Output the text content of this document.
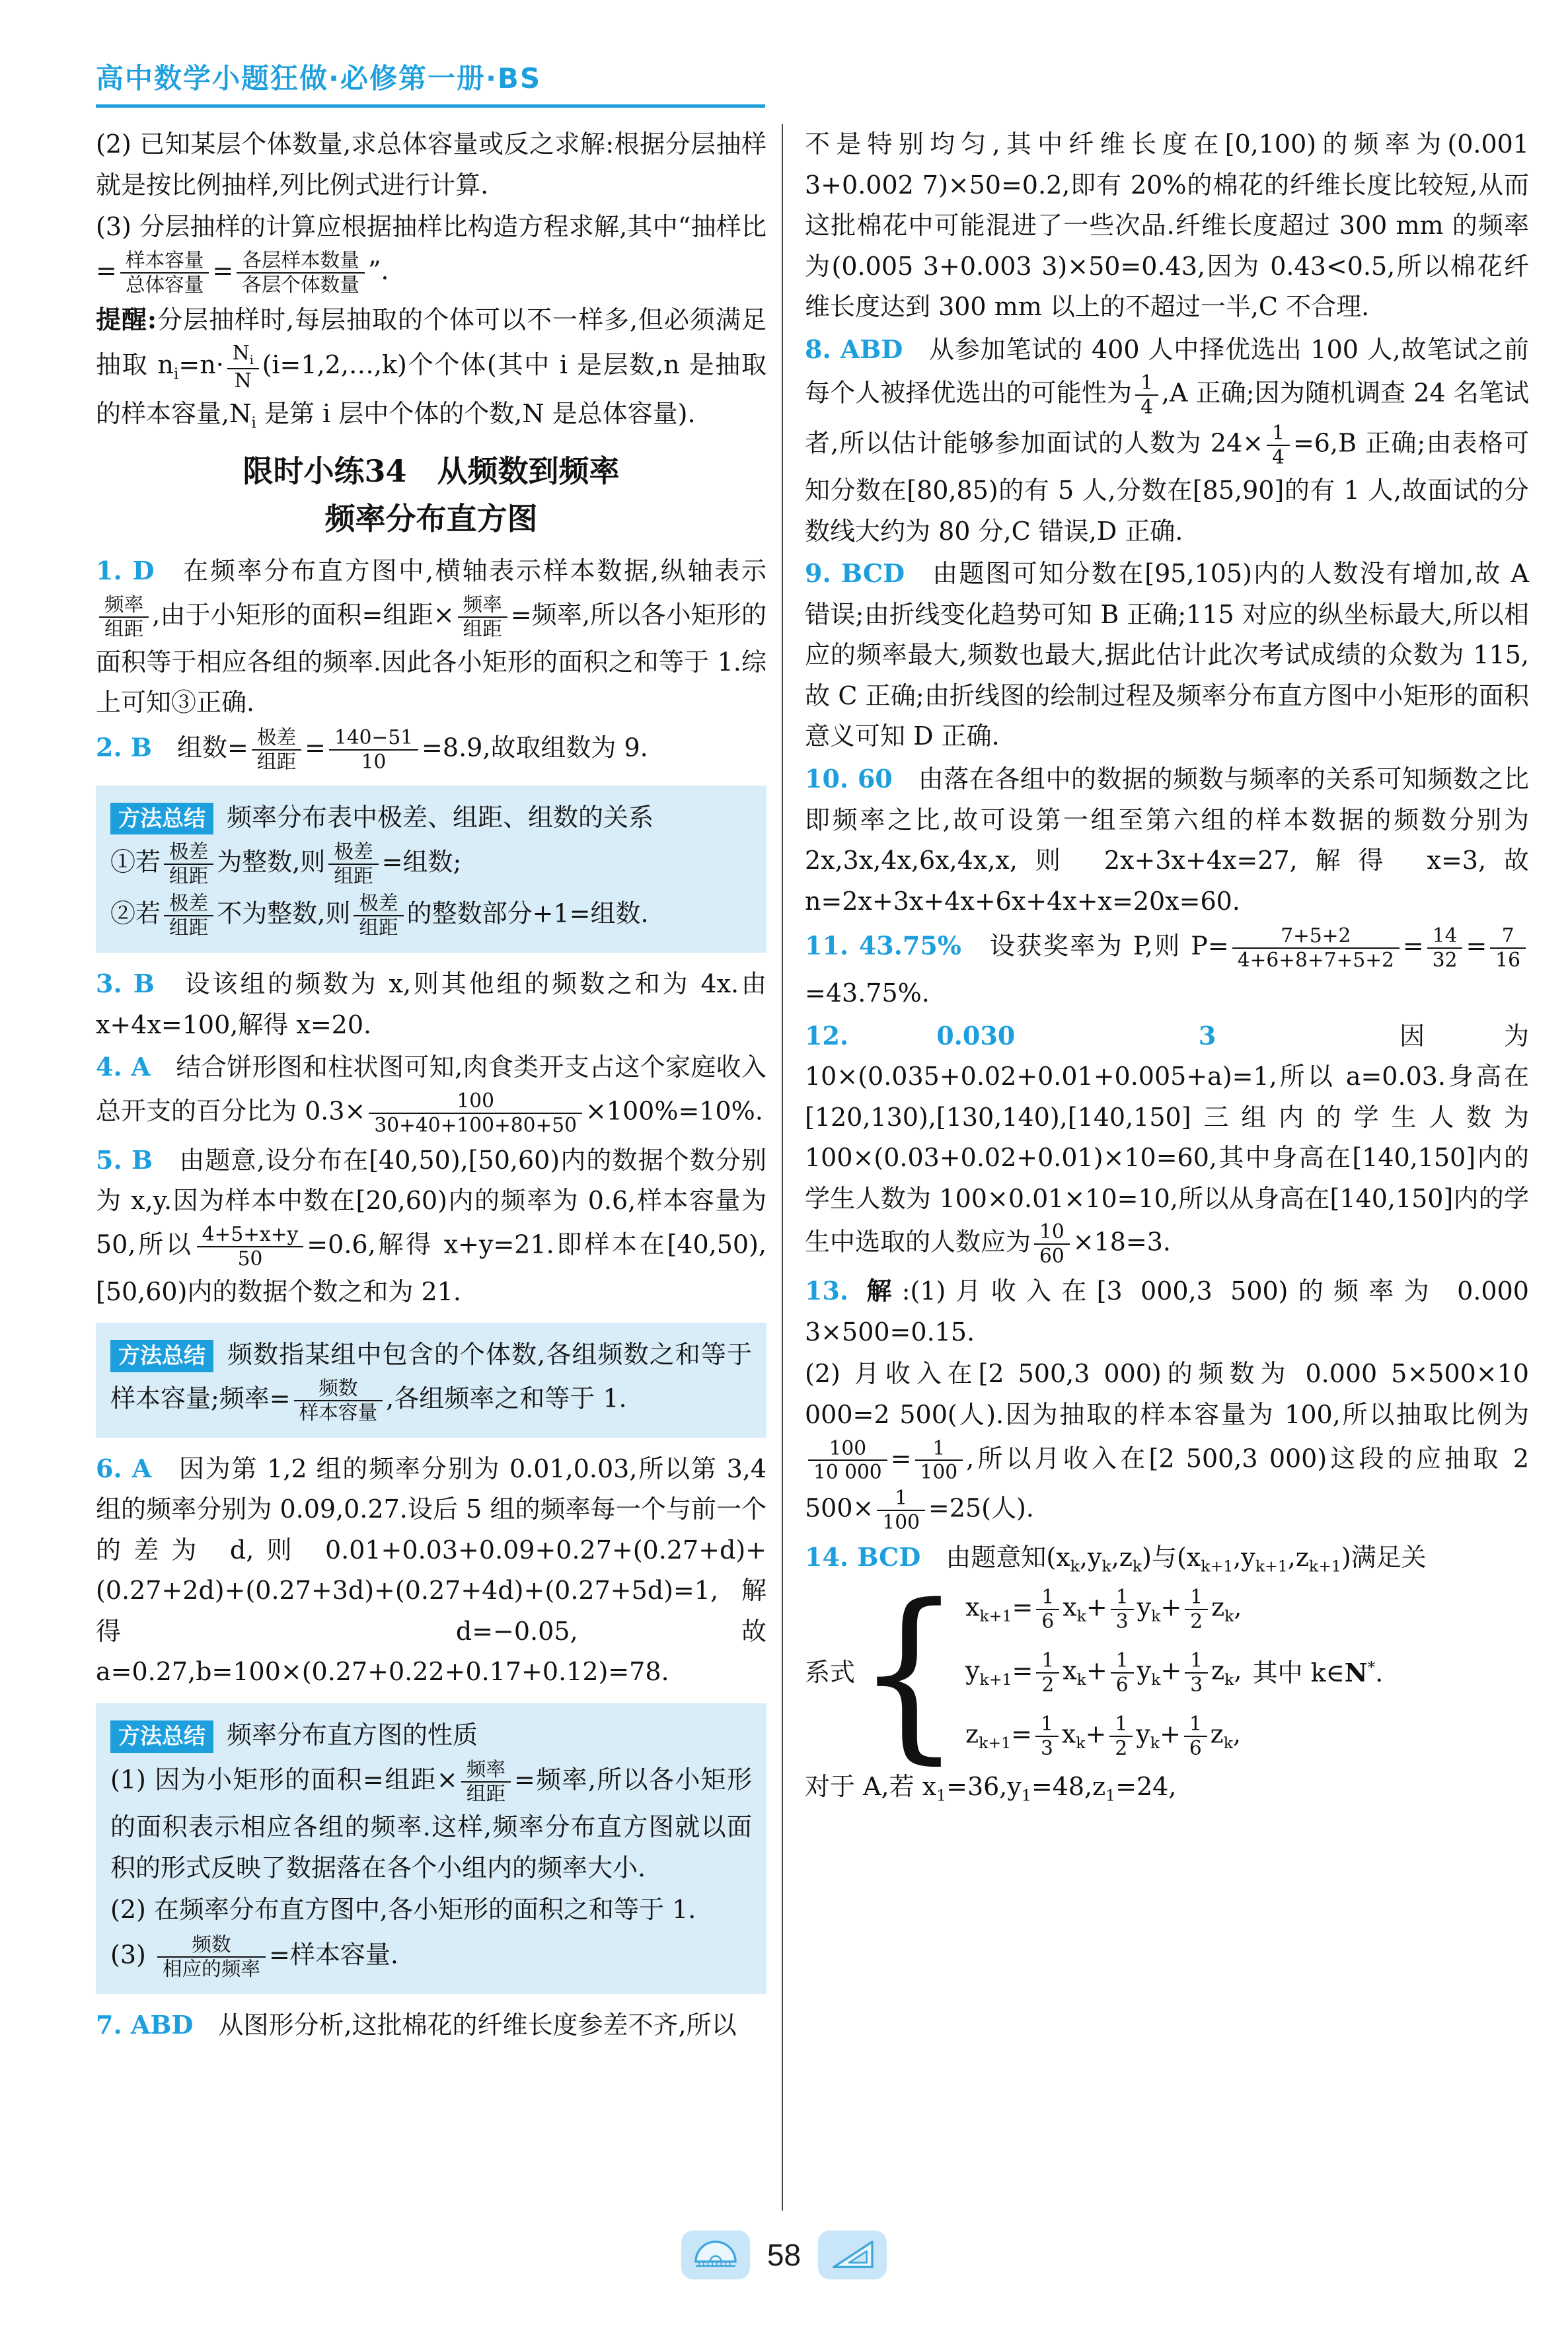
高中数学小题狂做·必修第一册·BS

(2) 已知某层个体数量,求总体容量或反之求解:根据分层抽样就是按比例抽样,列比例式进行计算.

(3) 分层抽样的计算应根据抽样比构造方程求解,其中“抽样比= $\frac{\text{样本容量}}{\text{总体容量}} = \frac{\text{各层样本数量}}{\text{各层个体数量}}$ ”.

提醒:分层抽样时,每层抽取的个体可以不一样多,但必须满足抽取 $n_i=n\cdot \frac{N_i}{N}$ (i=1,2,…,k)个个体(其中 i 是层数,n 是抽取的样本容量$,N_i$ 是第 i 层中个体的个数,N 是总体容量).

限时小练34　从频数到频率
频率分布直方图

1. D　在频率分布直方图中,横轴表示样本数据,纵轴表示
$\frac{\text{频率}}{\text{组距}}$ ,由于小矩形的面积=组距× $\frac{\text{频率}}{\text{组距}}$ =频率,所以各小矩形的面积等于相应各组的频率.因此各小矩形的面积之和等于 1.综上可知③正确.

2. B　组数= $\frac{\text{极差}}{\text{组距}} = \frac{140-51}{10} =8.9$,故取组数为 9.

方法总结 频率分布表中极差、组距、组数的关系

①若 $\frac{\text{极差}}{\text{组距}}$ 为整数,则 $\frac{\text{极差}}{\text{组距}}$ =组数;

②若 $\frac{\text{极差}}{\text{组距}}$ 不为整数,则 $\frac{\text{极差}}{\text{组距}}$ 的整数部分+1=组数.

3. B　设该组的频数为 x,则其他组的频数之和为 4x.由 x+4x=100,解得 x=20.

4. A　结合饼形图和柱状图可知,肉食类开支占这个家庭收入总开支的百分比为 $0.3\times \frac{100}{30+40+100+80+50} \times 100\%=10\%$.

5. B　由题意,设分布在[40,50),[50,60)内的数据个数分别为 x,y.因为样本中数在[20,60)内的频率为 0.6,样本容量为 50,所以 $\frac{4+5+x+y}{50} =0.6$,解得 x+y=21.即样本在[40,50),[50,60)内的数据个数之和为 21.

方法总结 频数指某组中包含的个体数,各组频数之和等于样本容量;频率= $\frac{\text{频数}}{\text{样本容量}}$ ,各组频率之和等于 1.

6. A　因为第 1,2 组的频率分别为 0.01,0.03,所以第 3,4 组的频率分别为 0.09,0.27.设后 5 组的频率每一个与前一个的差为 d,则 0.01+0.03+0.09+0.27+(0.27+d)+(0.27+2d)+(0.27+3d)+(0.27+4d)+(0.27+5d)=1,解得 d=−0.05,故 a=0.27,b=100×(0.27+0.22+0.17+0.12)=78.

方法总结 频率分布直方图的性质

(1) 因为小矩形的面积=组距× $\frac{\text{频率}}{\text{组距}}$ =频率,所以各小矩形的面积表示相应各组的频率.这样,频率分布直方图就以面积的形式反映了数据落在各个小组内的频率大小.

(2) 在频率分布直方图中,各小矩形的面积之和等于 1.

$(3) \frac{\text{频数}}{\text{相应的频率}}$ =样本容量.

7. ABD　从图形分析,这批棉花的纤维长度参差不齐,所以

不是特别均匀,其中纤维长度在[0,100)的频率为(0.001 3+0.002 7)×50=0.2,即有 20%的棉花的纤维长度比较短,从而这批棉花中可能混进了一些次品.纤维长度超过 300 mm 的频率为(0.005 3+0.003 3)×50=0.43,因为 0.43<0.5,所以棉花纤维长度达到 300 mm 以上的不超过一半,C 不合理.

8. ABD　从参加笔试的 400 人中择优选出 100 人,故笔试之前每个人被择优选出的可能性为 $\frac{1}{4} ,A$ 正确;因为随机调查 24 名笔试者,所以估计能够参加面试的人数为 $24\times \frac{1}{4} =6,B$ 正确;由表格可知分数在[80,85)的有 5 人,分数在[85,90]的有 1 人,故面试的分数线大约为 80 分,C 错误,D 正确.

9. BCD　由题图可知分数在[95,105)内的人数没有增加,故 A 错误;由折线变化趋势可知 B 正确;115 对应的纵坐标最大,所以相应的频率最大,频数也最大,据此估计此次考试成绩的众数为 115,故 C 正确;由折线图的绘制过程及频率分布直方图中小矩形的面积意义可知 D 正确.

10. 60　由落在各组中的数据的频数与频率的关系可知频数之比即频率之比,故可设第一组至第六组的样本数据的频数分别为 2x,3x,4x,6x,4x,x,则 2x+3x+4x=27,解得 x=3,故 n=2x+3x+4x+6x+4x+x=20x=60.

11. 43.75%　设获奖率为 P,则 $P= \frac{7+5+2}{4+6+8+7+5+2} = \frac{14}{32} = \frac{7}{16}$
=43.75%.

12. 0.030　3　因为 10×(0.035+0.02+0.01+0.005+a)=1,所以 a=0.03.身高在[120,130),[130,140),[140,150]三组内的学生人数为 100×(0.03+0.02+0.01)×10=60,其中身高在[140,150]内的学生人数为 100×0.01×10=10,所以从身高在[140,150]内的学生中选取的人数应为 $\frac{10}{60} \times 18=3$.

13. 解:(1)月收入在[3 000,3 500)的频率为 0.000 3×500=0.15.

(2) 月收入在[2 500,3 000)的频数为 0.000 5×500×10 000=2 500(人).因为抽取的样本容量为 100,所以抽取比例为
$\frac{100}{10 000} = \frac{1}{100}$ ,所以月收入在[2 500,3 000)这段的应抽取 2 $500\times \frac{1}{100} =25$(人).

14. BCD　由题意知$(x_k,y_k,z_k)$与$(x_{k+1},y_{k+1},z_{k+1})$满足关

系式 { $x_{k+1}= \frac{1}{6} x_k+ \frac{1}{3} y_k+ \frac{1}{2} z_k$,
$y_{k+1}= \frac{1}{2} x_k+ \frac{1}{6} y_k+ \frac{1}{3} z_k$,
$z_{k+1}= \frac{1}{3} x_k+ \frac{1}{2} y_k+ \frac{1}{6} z_k$,
其中 k∈N*.

对于 A,若 $x_1=36,y_1=48,z_1=24$,

58
